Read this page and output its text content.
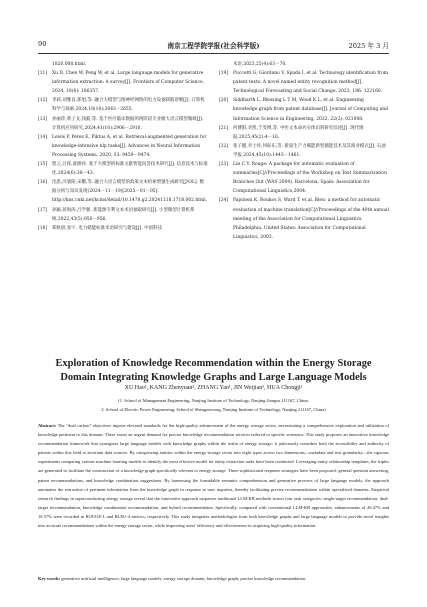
90	南京工程学院学报(社会科学版)	2025 年 3 月
1820.008.html.
[11] Xu D, Chen W, Peng W, et al. Large language models for generative information extraction: A survey[J]. Frontiers of Computer Science, 2024, 18(6): 186357.
[12] 李莉,刘雅良,郭旭,等. 融合大模型与图神经网络的电力设备缺陷诊断[J]. 计算机科学与探索,2024,18(10):2643－2655.
[13] 孙丽萍,黄子戈,钱毅,等. 基于医疗临床数据的两阶段专业级大语言模型微调[J]. 计算机应用研究,2024,41(10):2906－2910.
[14] Lewis P, Perez E, Piktus A, et al. Retrieval-augmented generation for knowledge-intensive nlp tasks[J]. Advances in Neural Information Processing Systems, 2020, 33: 9459－9474.
[15] 程云,吕挥,薛源祥. 基于大模型的标准文献智能问答技术研究[J]. 信息技术与标准化,2024(6):38－43.
[16] 沈思,冯暑阳,宋鹏,等. 融合大语言模型的政策文本检索增强生成研究[J/OL]. 数据分析与知识发现(2024－11－19)[2025－01－05]. http://kns.cnki.net/kcms/detail/10.1478.g2.20241118.1718.002.html.
[17] 孙颖,蒋海涛,吕学强. 新能源专利文本术语抽取研究[J]. 小型微型计算机系统,2022,43(5):950－956.
[18] 郑秋晨,张宇. 电力储能标准术语研究与建设[J]. 中国科技
术语,2023,25(4):63－70.
[19] Puccetti G, Giordano V, Spada I, et al. Technology identification from patent texts: A novel named entity recognition method[J]. Technological Forecasting and Social Change, 2023, 186: 122160.
[20] Siddharth L, Blessing L T M, Wood K L, et al. Engineering knowledge graph from patent database[J]. Journal of Computing and Information Science in Engineering, 2022, 22(2): 021008.
[21] 何博阳,李凯,于雯博,等. 中医文本命名实体识别研究综述[J]. 现代情报,2025,45(2):4－16.
[22] 张子健,李士祥,何际东,等. 新质生产力赋能新型储能技术及其商业模式[J]. 石油学报,2024,45(10):1443－1461.
[23] Lin C Y. Rouge: A package for automatic evaluation of summaries[C]//Proceedings of the Workshop on Text Summarization Branches Out (WAS 2004). Barcelona, Spain: Association for Computational Linguistics,2004.
[24] Papineni K, Roukos S, Ward T, et al. Bleu: a method for automatic evaluation of machine translation[C]//Proceedings of the 40th annual meeting of the Association for Computational Linguistics. Philadelphia, United States: Association for Computational Linguistics, 2002.
Exploration of Knowledge Recommendation within the Energy Storage Domain Integrating Knowledge Graphs and Large Language Models
XU Hao¹, KANG Zhenyuan², ZHANG Yan¹, JIN Weijian¹, HUA Chongji¹
(1. School of Management Engineering, Nanjing Institute of Technology, Nanjing Jiangsu 211167, China;
2. School of Electric Power Engineering, School of Shengzeorong, Nanjing Institute of Technology, Nanjing 211167, China)
Abstract: The "dual carbon" objectives impose elevated standards for the high-quality advancement of the energy storage sector, necessitating a comprehensive exploration and utilization of knowledge pertinent to this domain. There exists an urgent demand for precise knowledge recommendation services tailored to specific scenarios. This study proposes an innovative knowledge recommendation framework that synergizes large language models with knowledge graphs within the realm of energy storage: it judiciously considers both the accessibility and authority of patents within this field to ascertain data sources. By categorizing entities within the energy storage sector into eight types across two dimensions—metadata and text granularity—the rigorous experiments comparing various machine learning models to identify the most effective model for entity extraction tasks have been conducted. Leveraging entity relationship templates, the triples are generated to facilitate the construction of a knowledge graph specifically relevant to energy storage. Three sophisticated response strategies have been proposed: general question answering, patent recommendations, and knowledge combination suggestions. By harnessing the formidable semantic comprehension and generative prowess of large language models, the approach automates the extraction of pertinent information from the knowledge graph in response to user inquiries, thereby facilitating precise recommendations within specialized domains. Empirical research findings in superconducting energy storage reveal that the innovative approach surpasses traditional LLM-KB methods across four task categories: single-target recommendation, dual-target recommendation, knowledge combination recommendation, and hybrid recommendation. Specifically, compared with conventional LLM-KB approaches, enhancements of 20.47% and 16.57% were recorded in ROUGE-L and BLEU-4 metrics, respectively. This study integrates methodologies from both knowledge graphs and large language models to provide novel insights into accurate recommendations within the energy storage sector, while improving users' efficiency and effectiveness in acquiring high-quality information.
Key words: generative artificial intelligence; large language models; energy storage domain; knowledge graph; precise knowledge recommendation
